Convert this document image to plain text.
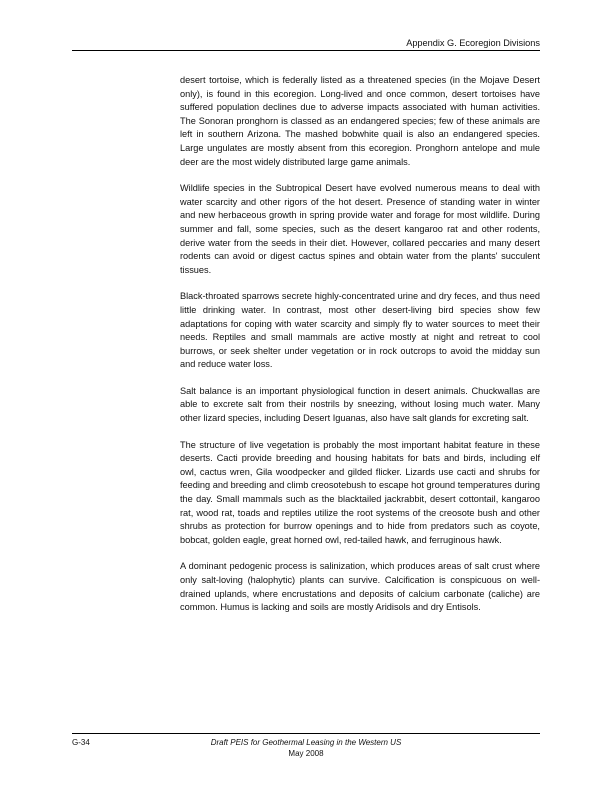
Appendix G. Ecoregion Divisions

desert tortoise, which is federally listed as a threatened species (in the Mojave Desert only), is found in this ecoregion. Long-lived and once common, desert tortoises have suffered population declines due to adverse impacts associated with human activities. The Sonoran pronghorn is classed as an endangered species; few of these animals are left in southern Arizona. The mashed bobwhite quail is also an endangered species. Large ungulates are mostly absent from this ecoregion. Pronghorn antelope and mule deer are the most widely distributed large game animals.

Wildlife species in the Subtropical Desert have evolved numerous means to deal with water scarcity and other rigors of the hot desert. Presence of standing water in winter and new herbaceous growth in spring provide water and forage for most wildlife. During summer and fall, some species, such as the desert kangaroo rat and other rodents, derive water from the seeds in their diet. However, collared peccaries and many desert rodents can avoid or digest cactus spines and obtain water from the plants' succulent tissues.

Black-throated sparrows secrete highly-concentrated urine and dry feces, and thus need little drinking water. In contrast, most other desert-living bird species show few adaptations for coping with water scarcity and simply fly to water sources to meet their needs. Reptiles and small mammals are active mostly at night and retreat to cool burrows, or seek shelter under vegetation or in rock outcrops to avoid the midday sun and reduce water loss.

Salt balance is an important physiological function in desert animals. Chuckwallas are able to excrete salt from their nostrils by sneezing, without losing much water. Many other lizard species, including Desert Iguanas, also have salt glands for excreting salt.

The structure of live vegetation is probably the most important habitat feature in these deserts. Cacti provide breeding and housing habitats for bats and birds, including elf owl, cactus wren, Gila woodpecker and gilded flicker. Lizards use cacti and shrubs for feeding and breeding and climb creosotebush to escape hot ground temperatures during the day. Small mammals such as the blacktailed jackrabbit, desert cottontail, kangaroo rat, wood rat, toads and reptiles utilize the root systems of the creosote bush and other shrubs as protection for burrow openings and to hide from predators such as coyote, bobcat, golden eagle, great horned owl, red-tailed hawk, and ferruginous hawk.

A dominant pedogenic process is salinization, which produces areas of salt crust where only salt-loving (halophytic) plants can survive. Calcification is conspicuous on well-drained uplands, where encrustations and deposits of calcium carbonate (caliche) are common. Humus is lacking and soils are mostly Aridisols and dry Entisols.

G-34	Draft PEIS for Geothermal Leasing in the Western US
May 2008
